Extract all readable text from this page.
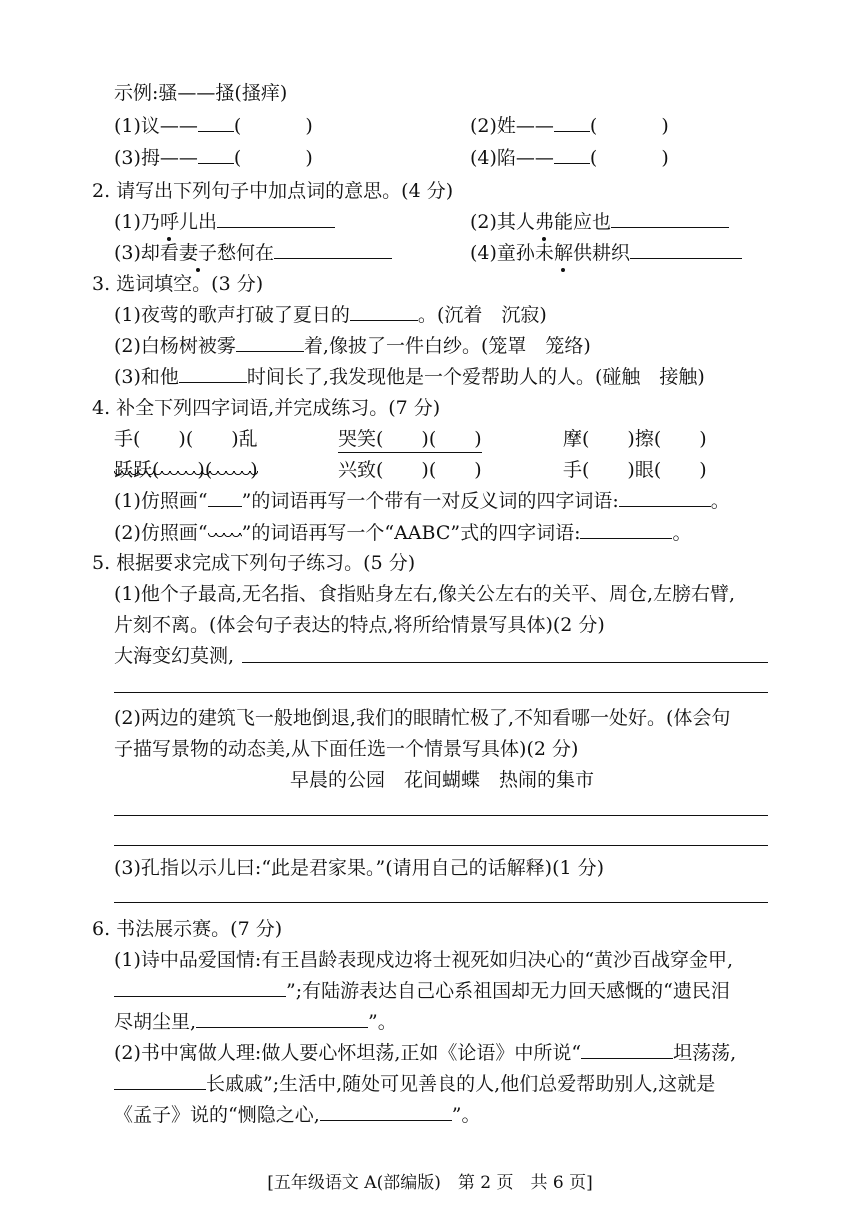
示例:骚——搔(搔痒)
(1)议—— (	)	(2)姓—— (	)
(3)拇—— (	)	(4)陷—— (	)
2. 请写出下列句子中加点词的意思。(4 分)
(1)乃呼儿出	(2)其人弗能应也
(3)却看妻子愁何在	(4)童孙未解供耕织
3. 选词填空。(3 分)
(1)夜莺的歌声打破了夏日的	。(沉着　沉寂)
(2)白杨树被雾	着,像披了一件白纱。(笼罩　笼络)
(3)和他	时间长了,我发现他是一个爱帮助人的人。(碰触　接触)
4. 补全下列四字词语,并完成练习。(7 分)
手(　　)(　　)乱	哭笑(　　)(　　)	摩(　　)擦(　　)
跃跃(　　)(　　)	兴致(　　)(　　)	手(　　)眼(　　)
(1)仿照画“ ”的词语再写一个带有一对反义词的四字词语:	。
(2)仿照画“ ”的词语再写一个“AABC”式的四字词语:	。
5. 根据要求完成下列句子练习。(5 分)
(1)他个子最高,无名指、食指贴身左右,像关公左右的关平、周仓,左膀右臂,
片刻不离。(体会句子表达的特点,将所给情景写具体)(2 分)
大海变幻莫测,
(2)两边的建筑飞一般地倒退,我们的眼睛忙极了,不知看哪一处好。(体会句
子描写景物的动态美,从下面任选一个情景写具体)(2 分)
早晨的公园　花间蝴蝶　热闹的集市
(3)孔指以示儿曰:“此是君家果。”(请用自己的话解释)(1 分)
6. 书法展示赛。(7 分)
(1)诗中品爱国情:有王昌龄表现戍边将士视死如归决心的“黄沙百战穿金甲,
”;有陆游表达自己心系祖国却无力回天感慨的“遗民泪
尽胡尘里,	”。
(2)书中寓做人理:做人要心怀坦荡,正如《论语》中所说“	坦荡荡,
长戚戚”;生活中,随处可见善良的人,他们总爱帮助别人,这就是
《孟子》说的“恻隐之心,	”。
[五年级语文 A(部编版)　第 2 页　共 6 页]
